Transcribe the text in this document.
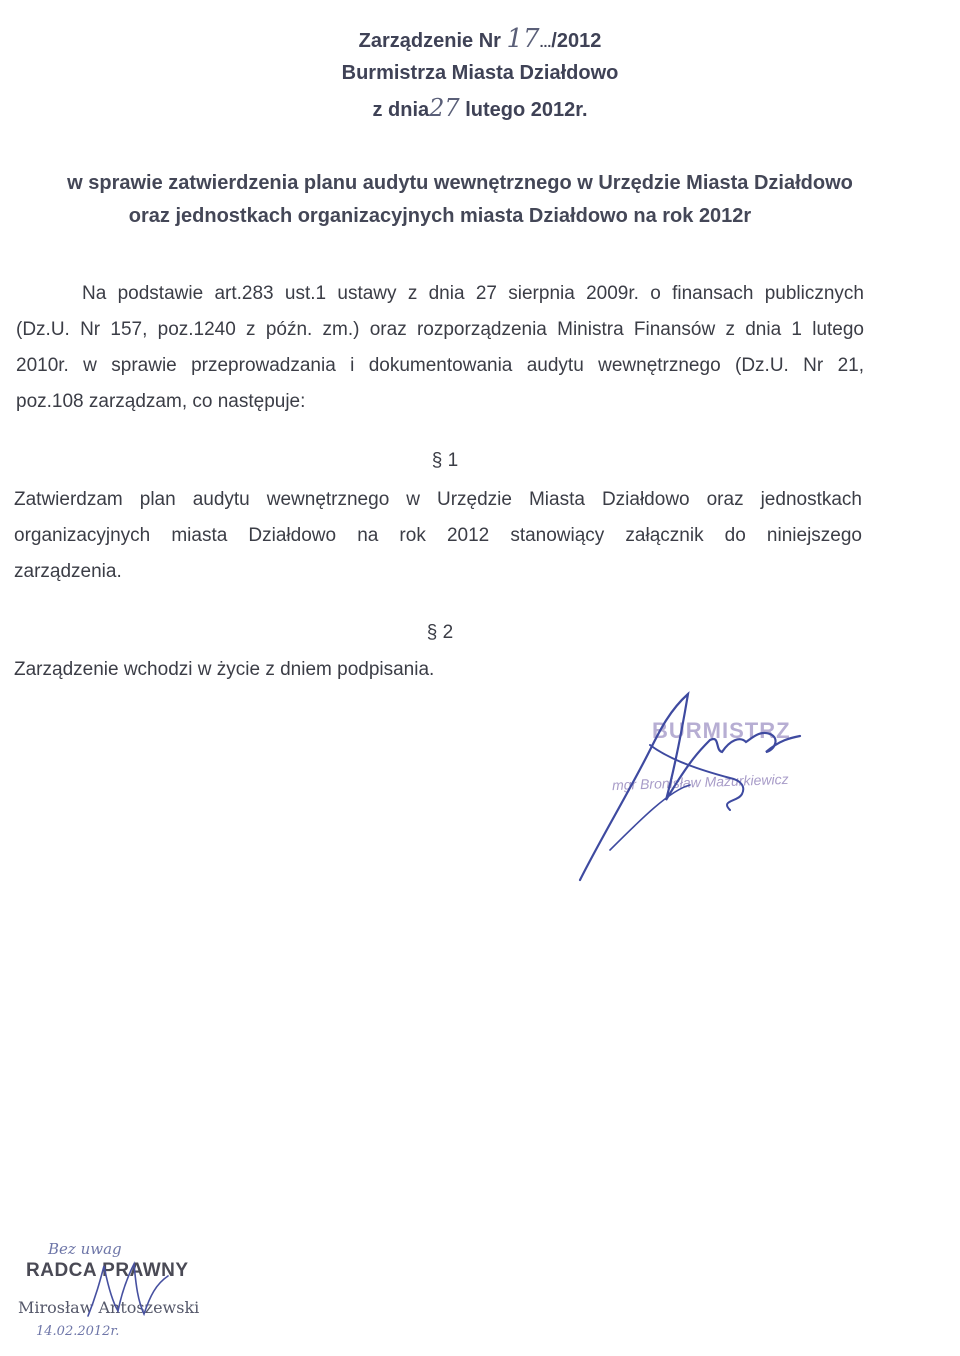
Zarządzenie Nr 17.../2012
Burmistrza Miasta Działdowo
z dnia27 lutego 2012r.
w sprawie zatwierdzenia planu audytu wewnętrznego w Urzędzie Miasta Działdowo
oraz jednostkach organizacyjnych miasta Działdowo na rok 2012r
Na podstawie art.283 ust.1 ustawy z dnia 27 sierpnia 2009r. o finansach publicznych
(Dz.U. Nr 157, poz.1240 z późn. zm.) oraz rozporządzenia Ministra Finansów z dnia 1 lutego
2010r. w sprawie przeprowadzania i dokumentowania audytu wewnętrznego (Dz.U. Nr 21,
poz.108 zarządzam, co następuje:
§ 1
Zatwierdzam plan audytu wewnętrznego w Urzędzie Miasta Działdowo oraz jednostkach
organizacyjnych miasta Działdowo na rok 2012 stanowiący załącznik do niniejszego
zarządzenia.
§ 2
Zarządzenie wchodzi w życie z dniem podpisania.
BURMISTRZ
mgr Bronisław Mazurkiewicz
Bez uwag
RADCA PRAWNY
Mirosław Antoszewski
14.02.2012r.
